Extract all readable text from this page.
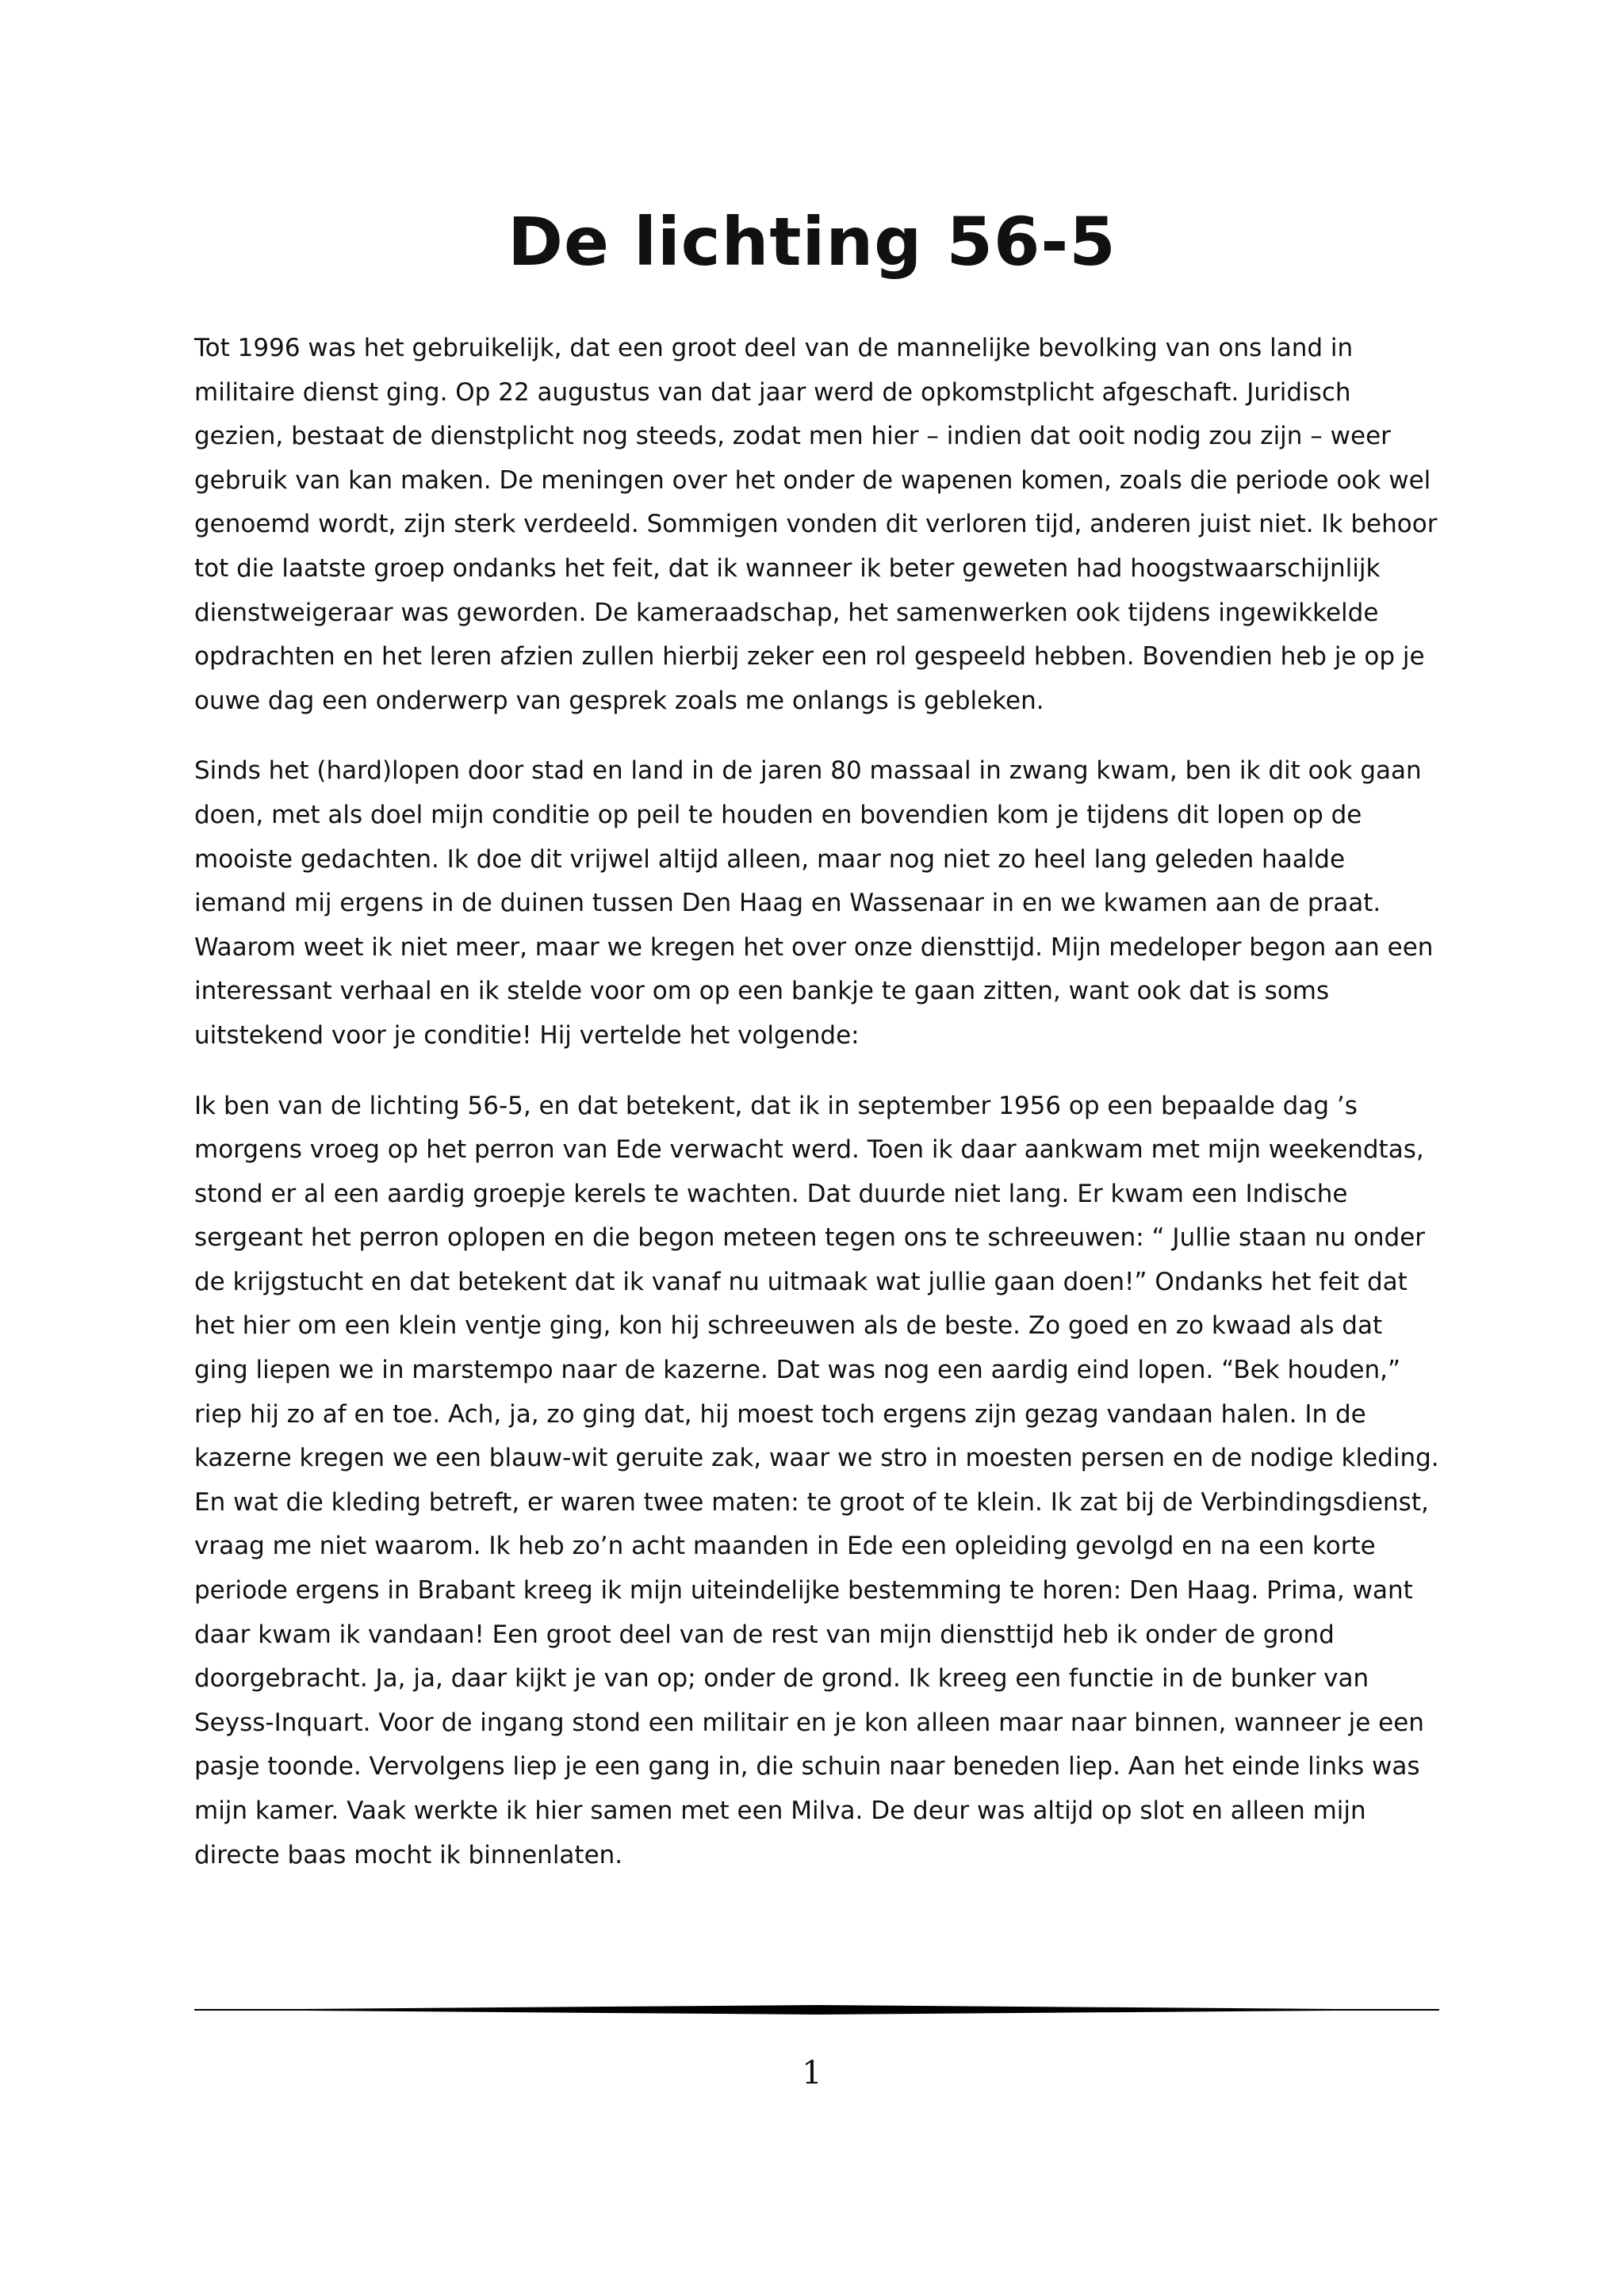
De lichting 56-5

Tot 1996 was het gebruikelijk, dat een groot deel van de mannelijke bevolking van ons land in militaire dienst ging. Op 22 augustus van dat jaar werd de opkomstplicht afgeschaft. Juridisch gezien, bestaat de dienstplicht nog steeds, zodat men hier – indien dat ooit nodig zou zijn – weer gebruik van kan maken. De meningen over het onder de wapenen komen, zoals die periode ook wel genoemd wordt, zijn sterk verdeeld. Sommigen vonden dit verloren tijd, anderen juist niet. Ik behoor tot die laatste groep ondanks het feit, dat ik wanneer ik beter geweten had hoogstwaarschijnlijk dienstweigeraar was geworden. De kameraadschap, het samenwerken ook tijdens ingewikkelde opdrachten en het leren afzien zullen hierbij zeker een rol gespeeld hebben. Bovendien heb je op je ouwe dag een onderwerp van gesprek zoals me onlangs is gebleken.

Sinds het (hard)lopen door stad en land in de jaren 80 massaal in zwang kwam, ben ik dit ook gaan doen, met als doel mijn conditie op peil te houden en bovendien kom je tijdens dit lopen op de mooiste gedachten. Ik doe dit vrijwel altijd alleen, maar nog niet zo heel lang geleden haalde iemand mij ergens in de duinen tussen Den Haag en Wassenaar in en we kwamen aan de praat. Waarom weet ik niet meer, maar we kregen het over onze diensttijd. Mijn medeloper begon aan een interessant verhaal en ik stelde voor om op een bankje te gaan zitten, want ook dat is soms uitstekend voor je conditie! Hij vertelde het volgende:

Ik ben van de lichting 56-5, en dat betekent, dat ik in september 1956 op een bepaalde dag ’s morgens vroeg op het perron van Ede verwacht werd. Toen ik daar aankwam met mijn weekendtas, stond er al een aardig groepje kerels te wachten. Dat duurde niet lang. Er kwam een Indische sergeant het perron oplopen en die begon meteen tegen ons te schreeuwen: “ Jullie staan nu onder de krijgstucht en dat betekent dat ik vanaf nu uitmaak wat jullie gaan doen!” Ondanks het feit dat het hier om een klein ventje ging, kon hij schreeuwen als de beste. Zo goed en zo kwaad als dat ging liepen we in marstempo naar de kazerne. Dat was nog een aardig eind lopen. “Bek houden,” riep hij zo af en toe. Ach, ja, zo ging dat, hij moest toch ergens zijn gezag vandaan halen. In de kazerne kregen we een blauw-wit geruite zak, waar we stro in moesten persen en de nodige kleding. En wat die kleding betreft, er waren twee maten: te groot of te klein. Ik zat bij de Verbindingsdienst, vraag me niet waarom. Ik heb zo’n acht maanden in Ede een opleiding gevolgd en na een korte periode ergens in Brabant kreeg ik mijn uiteindelijke bestemming te horen: Den Haag. Prima, want daar kwam ik vandaan! Een groot deel van de rest van mijn diensttijd heb ik onder de grond doorgebracht. Ja, ja, daar kijkt je van op; onder de grond. Ik kreeg een functie in de bunker van Seyss-Inquart. Voor de ingang stond een militair en je kon alleen maar naar binnen, wanneer je een pasje toonde. Vervolgens liep je een gang in, die schuin naar beneden liep. Aan het einde links was mijn kamer. Vaak werkte ik hier samen met een Milva. De deur was altijd op slot en alleen mijn directe baas mocht ik binnenlaten.

1
